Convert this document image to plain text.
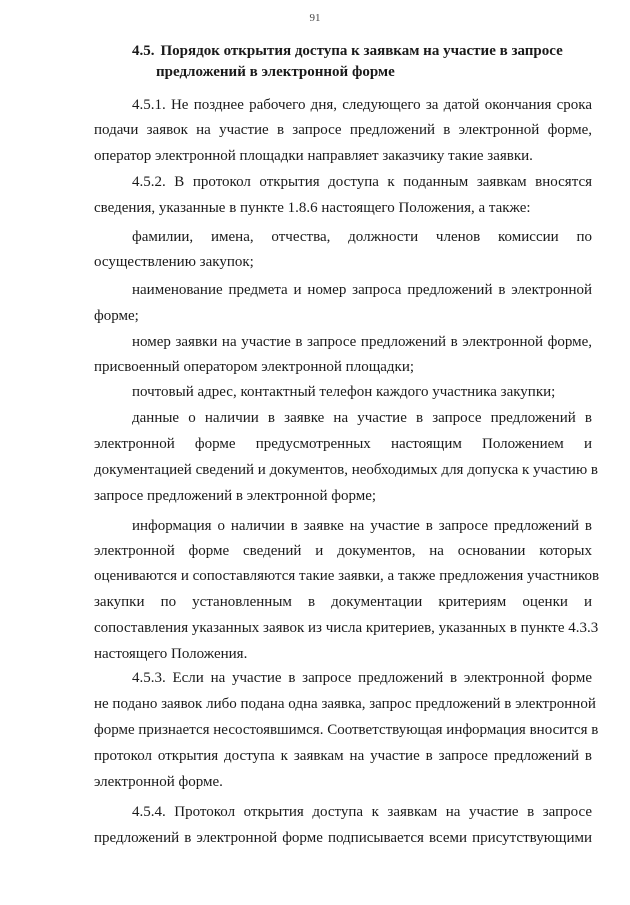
91
4.5. Порядок открытия доступа к заявкам на участие в запросе
предложений в электронной форме
4.5.1. Не позднее рабочего дня, следующего за датой окончания срока
подачи заявок на участие в запросе предложений в электронной форме,
оператор электронной площадки направляет заказчику такие заявки.
4.5.2. В протокол открытия доступа к поданным заявкам вносятся
сведения, указанные в пункте 1.8.6 настоящего Положения, а также:
фамилии, имена, отчества, должности членов комиссии по
осуществлению закупок;
наименование предмета и номер запроса предложений в электронной
форме;
номер заявки на участие в запросе предложений в электронной форме,
присвоенный оператором электронной площадки;
почтовый адрес, контактный телефон каждого участника закупки;
данные о наличии в заявке на участие в запросе предложений в
электронной форме предусмотренных настоящим Положением и
документацией сведений и документов, необходимых для допуска к участию в
запросе предложений в электронной форме;
информация о наличии в заявке на участие в запросе предложений в
электронной форме сведений и документов, на основании которых
оцениваются и сопоставляются такие заявки, а также предложения участников
закупки по установленным в документации критериям оценки и
сопоставления указанных заявок из числа критериев, указанных в пункте 4.3.3
настоящего Положения.
4.5.3. Если на участие в запросе предложений в электронной форме
не подано заявок либо подана одна заявка, запрос предложений в электронной
форме признается несостоявшимся. Соответствующая информация вносится в
протокол открытия доступа к заявкам на участие в запросе предложений в
электронной форме.
4.5.4. Протокол открытия доступа к заявкам на участие в запросе
предложений в электронной форме подписывается всеми присутствующими
